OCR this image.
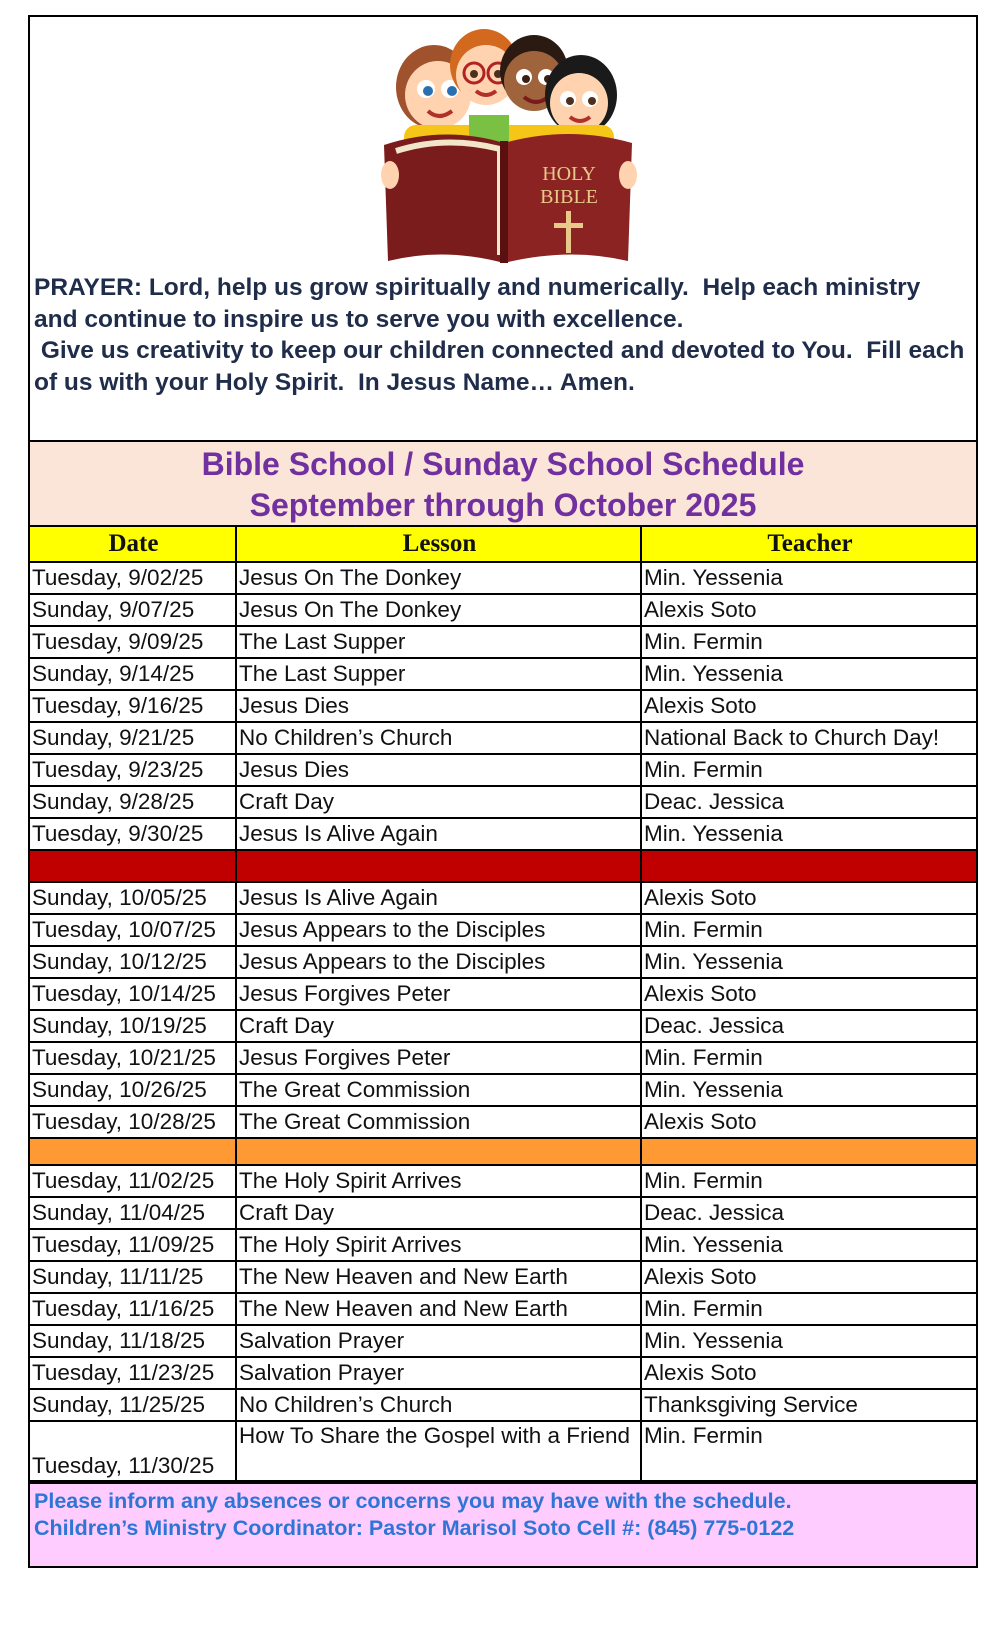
HOLY
BIBLE
PRAYER: Lord, help us grow spiritually and numerically.  Help each ministry and continue to inspire us to serve you with excellence.
Give us creativity to keep our children connected and devoted to You.  Fill each of us with your Holy Spirit.  In Jesus Name… Amen.
Bible School / Sunday School Schedule
September through October 2025
Date	Lesson	Teacher
Tuesday, 9/02/25	Jesus On The Donkey	Min. Yessenia
Sunday, 9/07/25	Jesus On The Donkey	Alexis Soto
Tuesday, 9/09/25	The Last Supper	Min. Fermin
Sunday, 9/14/25	The Last Supper	Min. Yessenia
Tuesday, 9/16/25	Jesus Dies	Alexis Soto
Sunday, 9/21/25	No Children’s Church	National Back to Church Day!
Tuesday, 9/23/25	Jesus Dies	Min. Fermin
Sunday, 9/28/25	Craft Day	Deac. Jessica
Tuesday, 9/30/25	Jesus Is Alive Again	Min. Yessenia

Sunday, 10/05/25	Jesus Is Alive Again	Alexis Soto
Tuesday, 10/07/25	Jesus Appears to the Disciples	Min. Fermin
Sunday, 10/12/25	Jesus Appears to the Disciples	Min. Yessenia
Tuesday, 10/14/25	Jesus Forgives Peter	Alexis Soto
Sunday, 10/19/25	Craft Day	Deac. Jessica
Tuesday, 10/21/25	Jesus Forgives Peter	Min. Fermin
Sunday, 10/26/25	The Great Commission	Min. Yessenia
Tuesday, 10/28/25	The Great Commission	Alexis Soto

Tuesday, 11/02/25	The Holy Spirit Arrives	Min. Fermin
Sunday, 11/04/25	Craft Day	Deac. Jessica
Tuesday, 11/09/25	The Holy Spirit Arrives	Min. Yessenia
Sunday, 11/11/25	The New Heaven and New Earth	Alexis Soto
Tuesday, 11/16/25	The New Heaven and New Earth	Min. Fermin
Sunday, 11/18/25	Salvation Prayer	Min. Yessenia
Tuesday, 11/23/25	Salvation Prayer	Alexis Soto
Sunday, 11/25/25	No Children’s Church	Thanksgiving Service
Tuesday, 11/30/25	How To Share the Gospel with a Friend	Min. Fermin
Please inform any absences or concerns you may have with the schedule.
Children’s Ministry Coordinator: Pastor Marisol Soto Cell #: (845) 775-0122
